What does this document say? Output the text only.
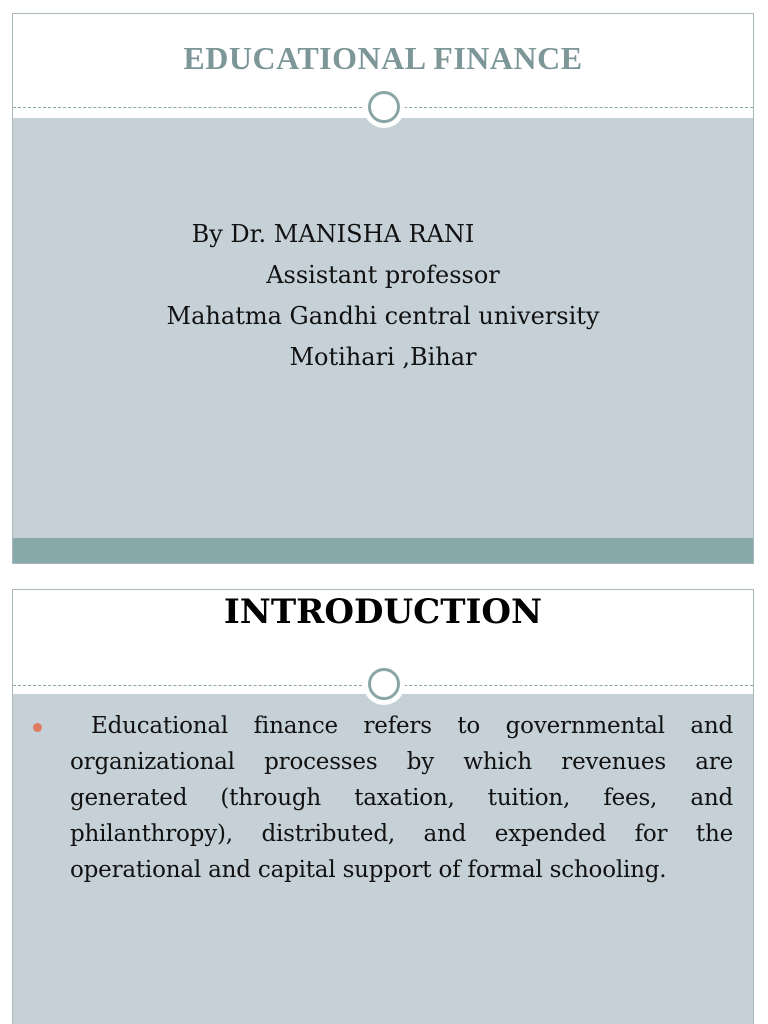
EDUCATIONAL FINANCE
By Dr. MANISHA RANI
Assistant professor
Mahatma Gandhi central university
Motihari ,Bihar
INTRODUCTION
Educational finance refers to governmental and organizational processes by which revenues are generated (through taxation, tuition, fees, and philanthropy), distributed, and expended for the operational and capital support of formal schooling.
